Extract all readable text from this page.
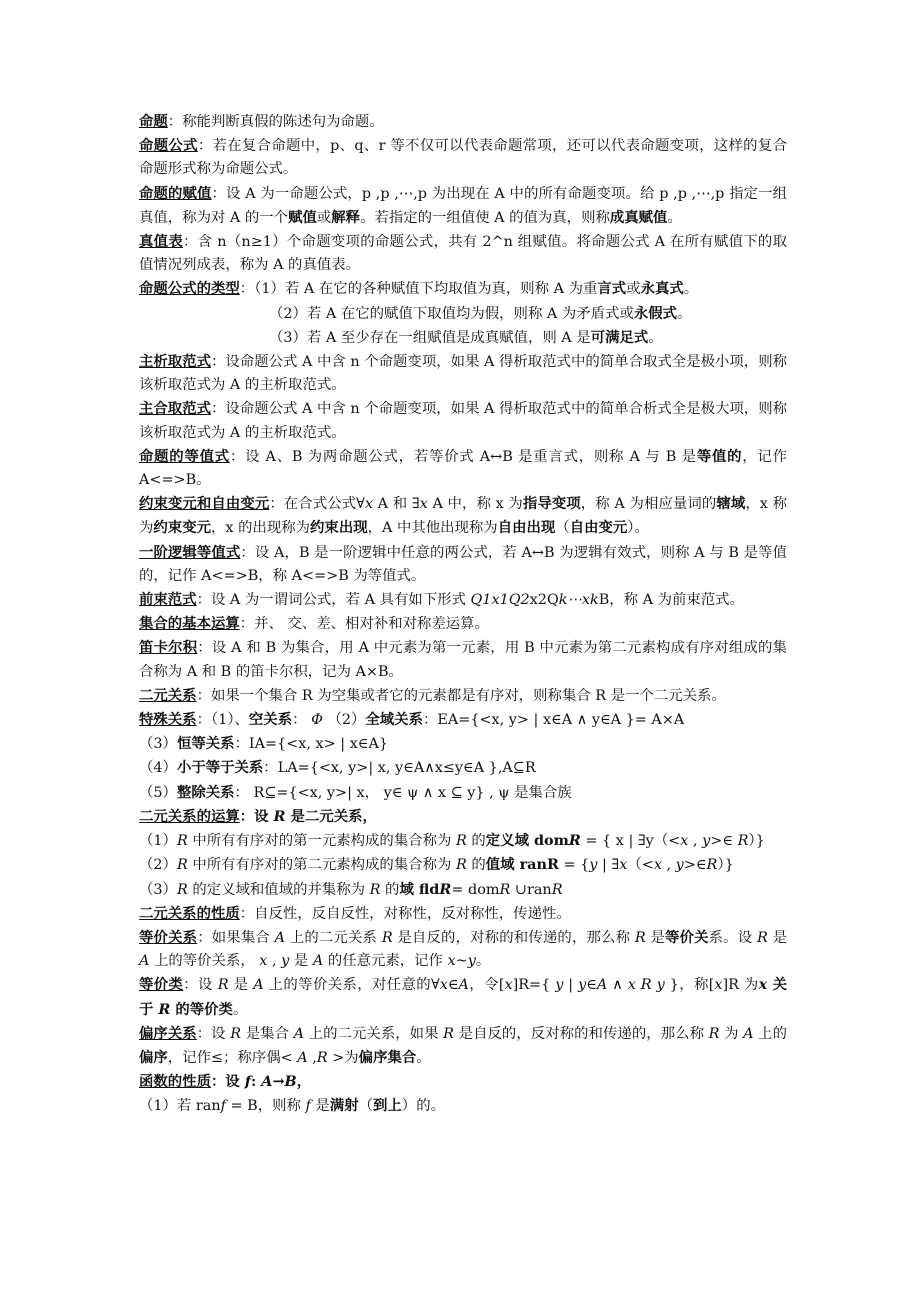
命题：称能判断真假的陈述句为命题。

命题公式：若在复合命题中，p、q、r 等不仅可以代表命题常项，还可以代表命题变项，这样的复合命题形式称为命题公式。

命题的赋值：设 A 为一命题公式，p ,p ,⋯,p 为出现在 A 中的所有命题变项。给 p ,p ,⋯,p 指定一组真值，称为对 A 的一个赋值或解释。若指定的一组值使 A 的值为真，则称成真赋值。

真值表：含 n（n≥1）个命题变项的命题公式，共有 2^n 组赋值。将命题公式 A 在所有赋值下的取值情况列成表，称为 A 的真值表。

命题公式的类型：（1）若 A 在它的各种赋值下均取值为真，则称 A 为重言式或永真式。

（2）若 A 在它的赋值下取值均为假，则称 A 为矛盾式或永假式。

（3）若 A 至少存在一组赋值是成真赋值，则 A 是可满足式。

主析取范式：设命题公式 A 中含 n 个命题变项，如果 A 得析取范式中的简单合取式全是极小项，则称该析取范式为 A 的主析取范式。

主合取范式：设命题公式 A 中含 n 个命题变项，如果 A 得析取范式中的简单合析式全是极大项，则称该析取范式为 A 的主析取范式。

命题的等值式：设 A、B 为两命题公式，若等价式 A↔B 是重言式，则称 A 与 B 是等值的，记作 A<=>B。

约束变元和自由变元：在合式公式∀x A 和 ∃x A 中，称 x 为指导变项，称 A 为相应量词的辖域，x 称为约束变元，x 的出现称为约束出现，A 中其他出现称为自由出现（自由变元）。

一阶逻辑等值式：设 A，B 是一阶逻辑中任意的两公式，若 A↔B 为逻辑有效式，则称 A 与 B 是等值的，记作 A<=>B，称 A<=>B 为等值式。

前束范式：设 A 为一谓词公式，若 A 具有如下形式 Q1x1Q2x2Qk⋯xkB，称 A 为前束范式。

集合的基本运算：并、 交、差、相对补和对称差运算。

笛卡尔积：设 A 和 B 为集合，用 A 中元素为第一元素，用 B 中元素为第二元素构成有序对组成的集合称为 A 和 B 的笛卡尔积，记为 A×B。

二元关系：如果一个集合 R 为空集或者它的元素都是有序对，则称集合 R 是一个二元关系。

特殊关系：（1）、空关系： Φ （2）全域关系：EA={<x, y> | x∈A ∧ y∈A }= A×A

（3）恒等关系：IA={<x, x> | x∈A}

（4）小于等于关系：LA={<x, y>| x, y∈A∧x≤y∈A },A⊆R

（5）整除关系： R⊆={<x, y>| x， y∈ ψ ∧ x ⊆ y} , ψ 是集合族

二元关系的运算：设 R 是二元关系，

（1）R 中所有有序对的第一元素构成的集合称为 R 的定义域 domR = { x | ∃y（<x , y>∈ R）}

（2）R 中所有有序对的第二元素构成的集合称为 R 的值域 ranR = {y | ∃x（<x , y>∈R）}

（3）R 的定义域和值域的并集称为 R 的域 fldR= domR ∪ranR

二元关系的性质：自反性，反自反性，对称性，反对称性，传递性。

等价关系：如果集合 A 上的二元关系 R 是自反的，对称的和传递的，那么称 R 是等价关系。设 R 是 A 上的等价关系， x , y 是 A 的任意元素，记作 x~y。

等价类：设 R 是 A 上的等价关系，对任意的∀x∈A，令[x]R={ y | y∈A ∧ x R y }，称[x]R 为x 关于 R 的等价类。

偏序关系：设 R 是集合 A 上的二元关系，如果 R 是自反的，反对称的和传递的，那么称 R 为 A 上的偏序，记作≤；称序偶< A ,R >为偏序集合。

函数的性质：设 f: A→B，

（1）若 ranf = B，则称 f 是满射（到上）的。
